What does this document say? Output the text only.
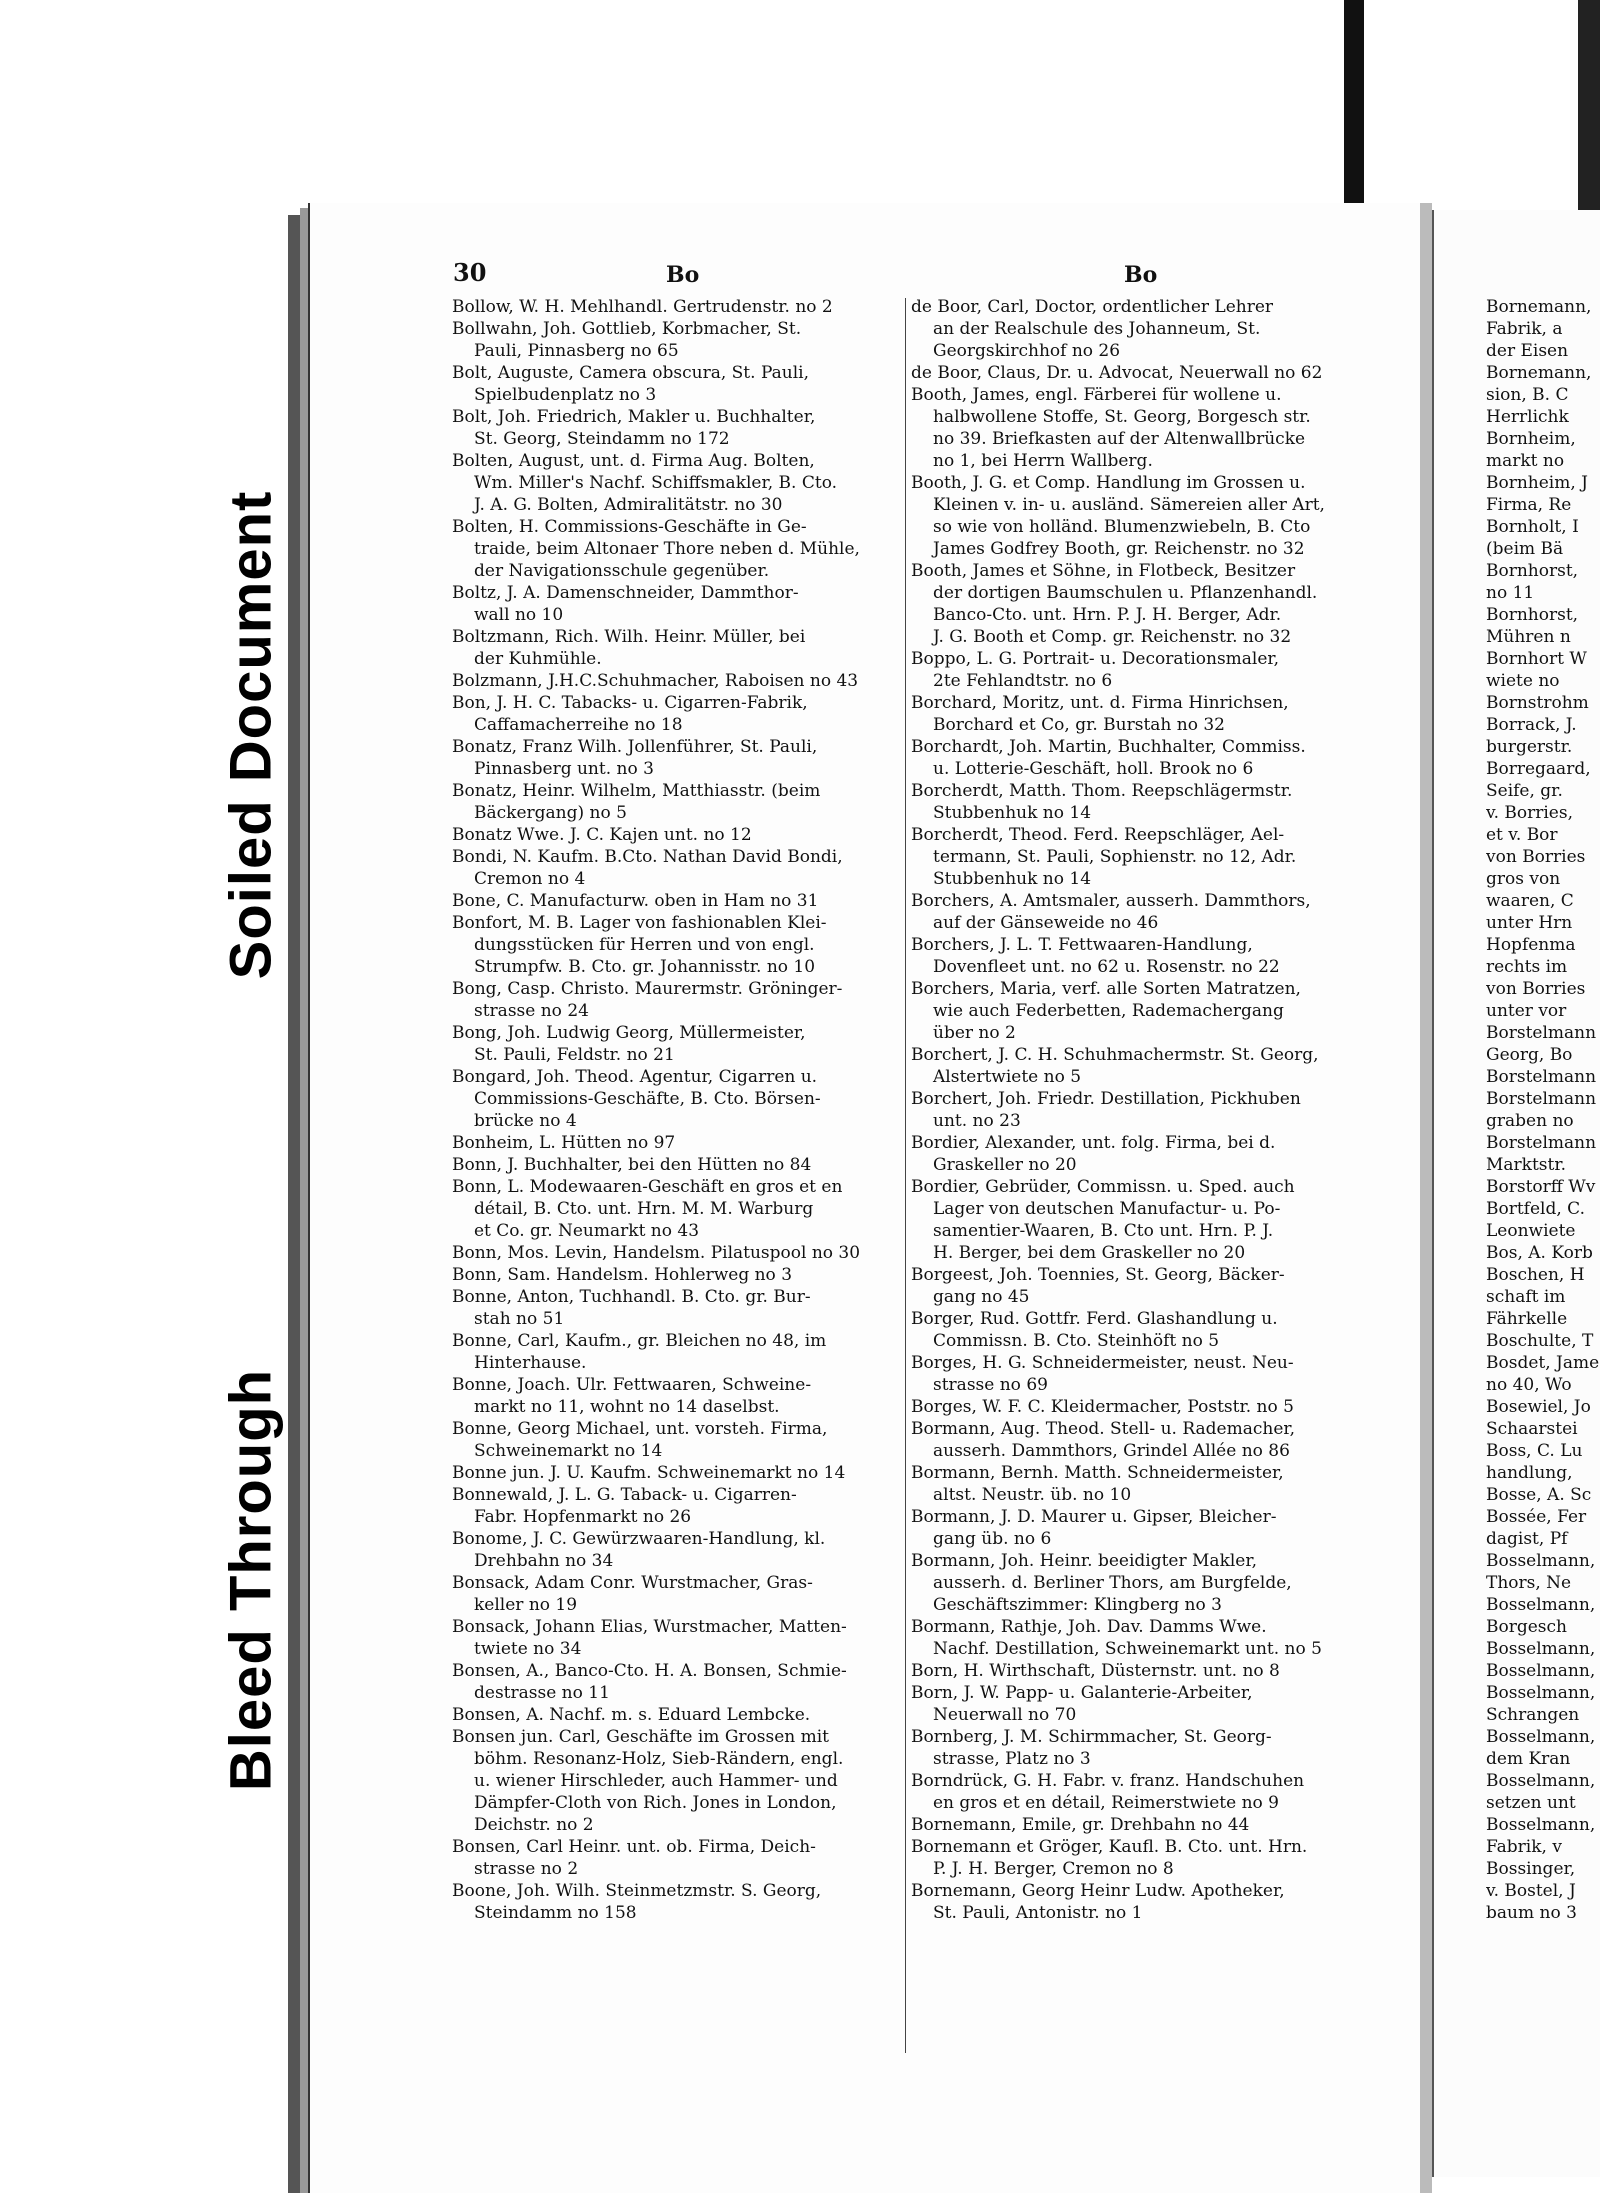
Soiled Document
Bleed Through
30	Bo	Bo
Bollow, W. H. Mehlhandl. Gertrudenstr. no 2
Bollwahn, Joh. Gottlieb, Korbmacher, St.
Pauli, Pinnasberg no 65
Bolt, Auguste, Camera obscura, St. Pauli,
Spielbudenplatz no 3
Bolt, Joh. Friedrich, Makler u. Buchhalter,
St. Georg, Steindamm no 172
Bolten, August, unt. d. Firma Aug. Bolten,
Wm. Miller's Nachf. Schiffsmakler, B. Cto.
J. A. G. Bolten, Admiralitätstr. no 30
Bolten, H. Commissions-Geschäfte in Ge-
traide, beim Altonaer Thore neben d. Mühle,
der Navigationsschule gegenüber.
Boltz, J. A. Damenschneider, Dammthor-
wall no 10
Boltzmann, Rich. Wilh. Heinr. Müller, bei
der Kuhmühle.
Bolzmann, J.H.C.Schuhmacher, Raboisen no 43
Bon, J. H. C. Tabacks- u. Cigarren-Fabrik,
Caffamacherreihe no 18
Bonatz, Franz Wilh. Jollenführer, St. Pauli,
Pinnasberg unt. no 3
Bonatz, Heinr. Wilhelm, Matthiasstr. (beim
Bäckergang) no 5
Bonatz Wwe. J. C. Kajen unt. no 12
Bondi, N. Kaufm. B.Cto. Nathan David Bondi,
Cremon no 4
Bone, C. Manufacturw. oben in Ham no 31
Bonfort, M. B. Lager von fashionablen Klei-
dungsstücken für Herren und von engl.
Strumpfw. B. Cto. gr. Johannisstr. no 10
Bong, Casp. Christo. Maurermstr. Gröninger-
strasse no 24
Bong, Joh. Ludwig Georg, Müllermeister,
St. Pauli, Feldstr. no 21
Bongard, Joh. Theod. Agentur, Cigarren u.
Commissions-Geschäfte, B. Cto. Börsen-
brücke no 4
Bonheim, L. Hütten no 97
Bonn, J. Buchhalter, bei den Hütten no 84
Bonn, L. Modewaaren-Geschäft en gros et en
détail, B. Cto. unt. Hrn. M. M. Warburg
et Co. gr. Neumarkt no 43
Bonn, Mos. Levin, Handelsm. Pilatuspool no 30
Bonn, Sam. Handelsm. Hohlerweg no 3
Bonne, Anton, Tuchhandl. B. Cto. gr. Bur-
stah no 51
Bonne, Carl, Kaufm., gr. Bleichen no 48, im
Hinterhause.
Bonne, Joach. Ulr. Fettwaaren, Schweine-
markt no 11, wohnt no 14 daselbst.
Bonne, Georg Michael, unt. vorsteh. Firma,
Schweinemarkt no 14
Bonne jun. J. U. Kaufm. Schweinemarkt no 14
Bonnewald, J. L. G. Taback- u. Cigarren-
Fabr. Hopfenmarkt no 26
Bonome, J. C. Gewürzwaaren-Handlung, kl.
Drehbahn no 34
Bonsack, Adam Conr. Wurstmacher, Gras-
keller no 19
Bonsack, Johann Elias, Wurstmacher, Matten-
twiete no 34
Bonsen, A., Banco-Cto. H. A. Bonsen, Schmie-
destrasse no 11
Bonsen, A. Nachf. m. s. Eduard Lembcke.
Bonsen jun. Carl, Geschäfte im Grossen mit
böhm. Resonanz-Holz, Sieb-Rändern, engl.
u. wiener Hirschleder, auch Hammer- und
Dämpfer-Cloth von Rich. Jones in London,
Deichstr. no 2
Bonsen, Carl Heinr. unt. ob. Firma, Deich-
strasse no 2
Boone, Joh. Wilh. Steinmetzmstr. S. Georg,
Steindamm no 158
de Boor, Carl, Doctor, ordentlicher Lehrer
an der Realschule des Johanneum, St.
Georgskirchhof no 26
de Boor, Claus, Dr. u. Advocat, Neuerwall no 62
Booth, James, engl. Färberei für wollene u.
halbwollene Stoffe, St. Georg, Borgesch str.
no 39. Briefkasten auf der Altenwallbrücke
no 1, bei Herrn Wallberg.
Booth, J. G. et Comp. Handlung im Grossen u.
Kleinen v. in- u. ausländ. Sämereien aller Art,
so wie von holländ. Blumenzwiebeln, B. Cto
James Godfrey Booth, gr. Reichenstr. no 32
Booth, James et Söhne, in Flotbeck, Besitzer
der dortigen Baumschulen u. Pflanzenhandl.
Banco-Cto. unt. Hrn. P. J. H. Berger, Adr.
J. G. Booth et Comp. gr. Reichenstr. no 32
Boppo, L. G. Portrait- u. Decorationsmaler,
2te Fehlandtstr. no 6
Borchard, Moritz, unt. d. Firma Hinrichsen,
Borchard et Co, gr. Burstah no 32
Borchardt, Joh. Martin, Buchhalter, Commiss.
u. Lotterie-Geschäft, holl. Brook no 6
Borcherdt, Matth. Thom. Reepschlägermstr.
Stubbenhuk no 14
Borcherdt, Theod. Ferd. Reepschläger, Ael-
termann, St. Pauli, Sophienstr. no 12, Adr.
Stubbenhuk no 14
Borchers, A. Amtsmaler, ausserh. Dammthors,
auf der Gänseweide no 46
Borchers, J. L. T. Fettwaaren-Handlung,
Dovenfleet unt. no 62 u. Rosenstr. no 22
Borchers, Maria, verf. alle Sorten Matratzen,
wie auch Federbetten, Rademachergang
über no 2
Borchert, J. C. H. Schuhmachermstr. St. Georg,
Alstertwiete no 5
Borchert, Joh. Friedr. Destillation, Pickhuben
unt. no 23
Bordier, Alexander, unt. folg. Firma, bei d.
Graskeller no 20
Bordier, Gebrüder, Commissn. u. Sped. auch
Lager von deutschen Manufactur- u. Po-
samentier-Waaren, B. Cto unt. Hrn. P. J.
H. Berger, bei dem Graskeller no 20
Borgeest, Joh. Toennies, St. Georg, Bäcker-
gang no 45
Borger, Rud. Gottfr. Ferd. Glashandlung u.
Commissn. B. Cto. Steinhöft no 5
Borges, H. G. Schneidermeister, neust. Neu-
strasse no 69
Borges, W. F. C. Kleidermacher, Poststr. no 5
Bormann, Aug. Theod. Stell- u. Rademacher,
ausserh. Dammthors, Grindel Allée no 86
Bormann, Bernh. Matth. Schneidermeister,
altst. Neustr. üb. no 10
Bormann, J. D. Maurer u. Gipser, Bleicher-
gang üb. no 6
Bormann, Joh. Heinr. beeidigter Makler,
ausserh. d. Berliner Thors, am Burgfelde,
Geschäftszimmer: Klingberg no 3
Bormann, Rathje, Joh. Dav. Damms Wwe.
Nachf. Destillation, Schweinemarkt unt. no 5
Born, H. Wirthschaft, Düsternstr. unt. no 8
Born, J. W. Papp- u. Galanterie-Arbeiter,
Neuerwall no 70
Bornberg, J. M. Schirmmacher, St. Georg-
strasse, Platz no 3
Borndrück, G. H. Fabr. v. franz. Handschuhen
en gros et en détail, Reimerstwiete no 9
Bornemann, Emile, gr. Drehbahn no 44
Bornemann et Gröger, Kaufl. B. Cto. unt. Hrn.
P. J. H. Berger, Cremon no 8
Bornemann, Georg Heinr Ludw. Apotheker,
St. Pauli, Antonistr. no 1
Bornemann,
Fabrik, a
der Eisen
Bornemann,
sion, B. C
Herrlichk
Bornheim,
markt no
Bornheim, J
Firma, Re
Bornholt, I
(beim Bä
Bornhorst,
no 11
Bornhorst,
Mühren n
Bornhort W
wiete no
Bornstrohm
Borrack, J.
burgerstr.
Borregaard,
Seife, gr.
v. Borries,
et v. Bor
von Borries
gros von
waaren, C
unter Hrn
Hopfenma
rechts im
von Borries
unter vor
Borstelmann
Georg, Bo
Borstelmann
Borstelmann
graben no
Borstelmann
Marktstr.
Borstorff Wv
Bortfeld, C.
Leonwiete
Bos, A. Korb
Boschen, H
schaft im
Fährkelle
Boschulte, T
Bosdet, Jame
no 40, Wo
Bosewiel, Jo
Schaarstei
Boss, C. Lu
handlung,
Bosse, A. Sc
Bossée, Fer
dagist, Pf
Bosselmann,
Thors, Ne
Bosselmann,
Borgesch
Bosselmann,
Bosselmann,
Bosselmann,
Schrangen
Bosselmann,
dem Kran
Bosselmann,
setzen unt
Bosselmann,
Fabrik, v
Bossinger,
v. Bostel, J
baum no 3
